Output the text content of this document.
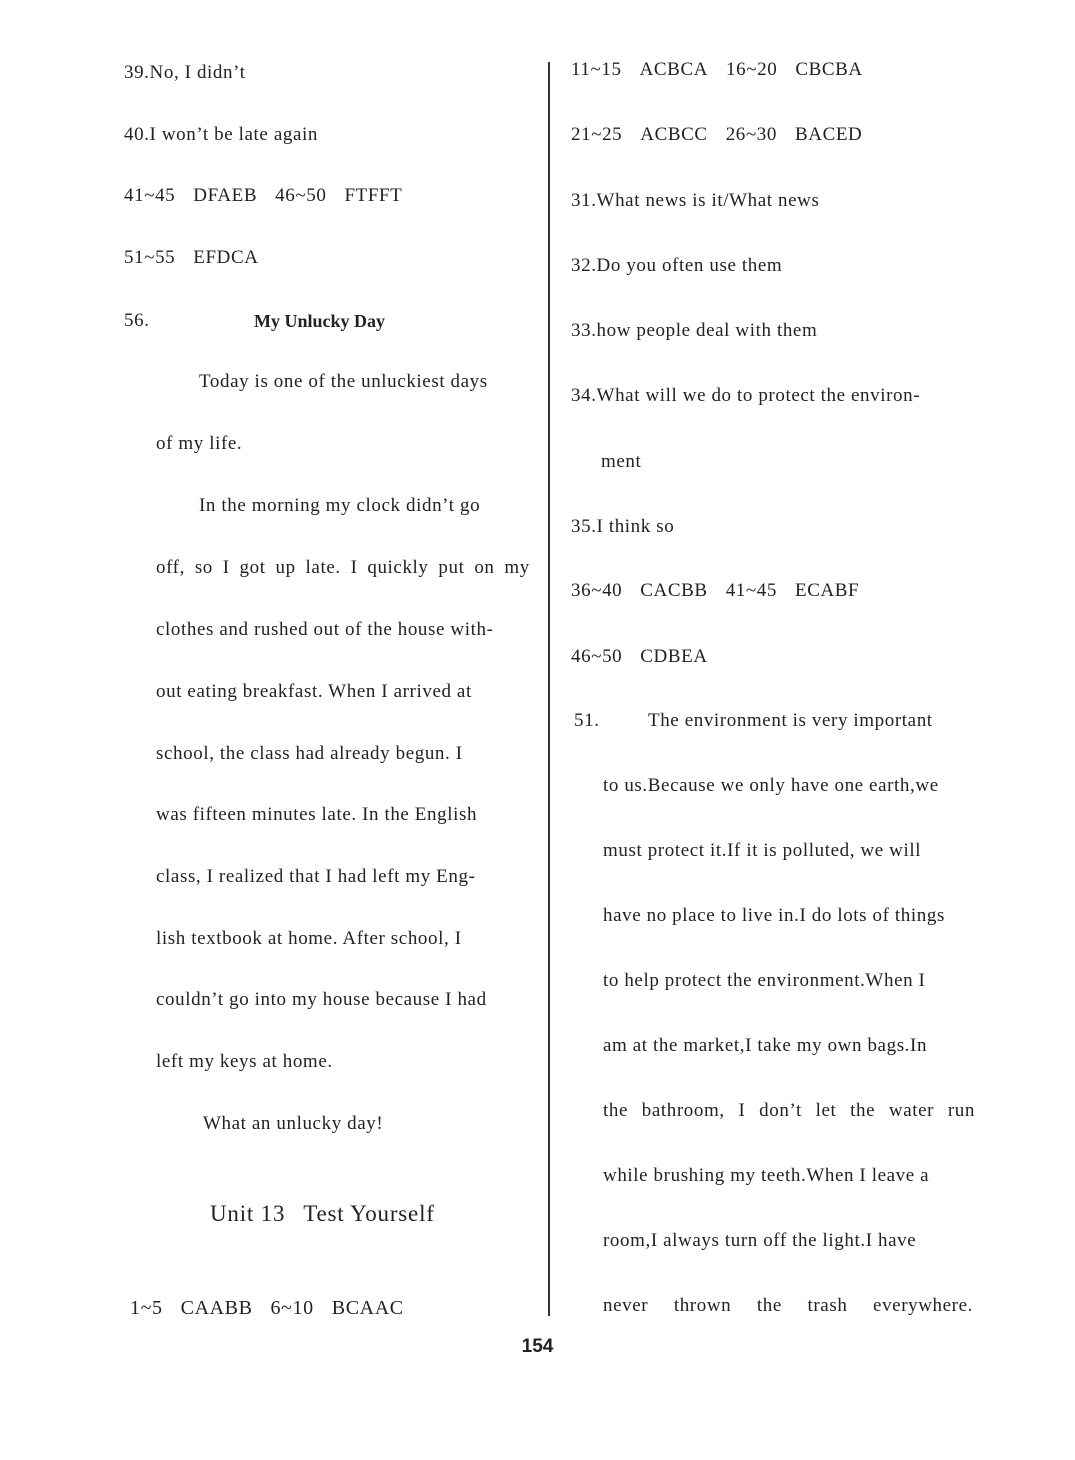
39.No, I didn’t
40.I won’t be late again
41~45 DFAEB 46~50 FTFFT
51~55 EFDCA
56.	My Unlucky Day
Today is one of the unluckiest days
of my life.
In the morning my clock didn’t go
off, so I got up late. I quickly put on my
clothes and rushed out of the house with-
out eating breakfast. When I arrived at
school, the class had already begun. I
was fifteen minutes late. In the English
class, I realized that I had left my Eng-
lish textbook at home. After school, I
couldn’t go into my house because I had
left my keys at home.
What an unlucky day!
Unit 13 Test Yourself
1~5 CAABB 6~10 BCAAC
11~15 ACBCA 16~20 CBCBA
21~25 ACBCC 26~30 BACED
31.What news is it/What news
32.Do you often use them
33.how people deal with them
34.What will we do to protect the environ-
ment
35.I think so
36~40 CACBB 41~45 ECABF
46~50 CDBEA
51.	The environment is very important
to us.Because we only have one earth,we
must protect it.If it is polluted, we will
have no place to live in.I do lots of things
to help protect the environment.When I
am at the market,I take my own bags.In
the bathroom, I don’t let the water run
while brushing my teeth.When I leave a
room,I always turn off the light.I have
never thrown the trash everywhere.
154
